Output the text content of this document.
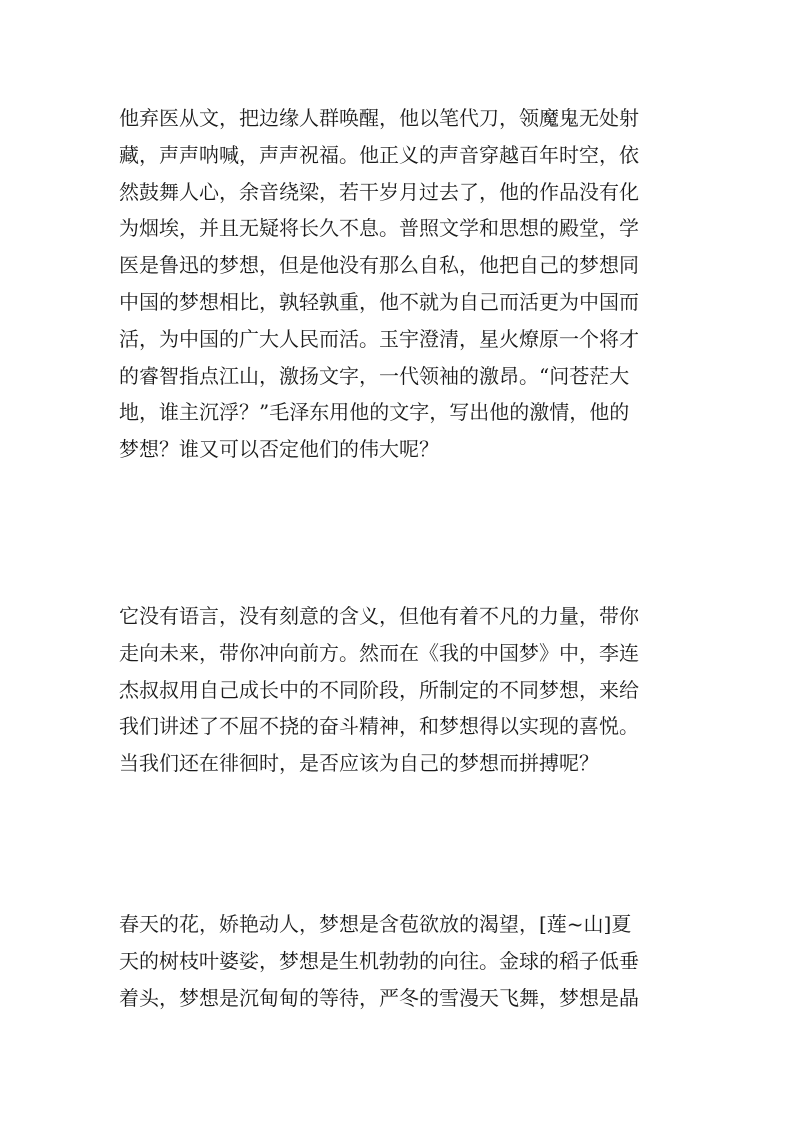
他弃医从文，把边缘人群唤醒，他以笔代刀，领魔鬼无处射
藏，声声呐喊，声声祝福。他正义的声音穿越百年时空，依
然鼓舞人心，余音绕梁，若干岁月过去了，他的作品没有化
为烟埃，并且无疑将长久不息。普照文学和思想的殿堂，学
医是鲁迅的梦想，但是他没有那么自私，他把自己的梦想同
中国的梦想相比，孰轻孰重，他不就为自己而活更为中国而
活，为中国的广大人民而活。玉宇澄清，星火燎原一个将才
的睿智指点江山，激扬文字，一代领袖的激昂。“问苍茫大
地，谁主沉浮？”毛泽东用他的文字，写出他的激情，他的
梦想？谁又可以否定他们的伟大呢？
它没有语言，没有刻意的含义，但他有着不凡的力量，带你
走向未来，带你冲向前方。然而在《我的中国梦》中，李连
杰叔叔用自己成长中的不同阶段，所制定的不同梦想，来给
我们讲述了不屈不挠的奋斗精神，和梦想得以实现的喜悦。
当我们还在徘徊时，是否应该为自己的梦想而拼搏呢？
春天的花，娇艳动人，梦想是含苞欲放的渴望，[莲~山]夏
天的树枝叶婆娑，梦想是生机勃勃的向往。金球的稻子低垂
着头，梦想是沉甸甸的等待，严冬的雪漫天飞舞，梦想是晶
